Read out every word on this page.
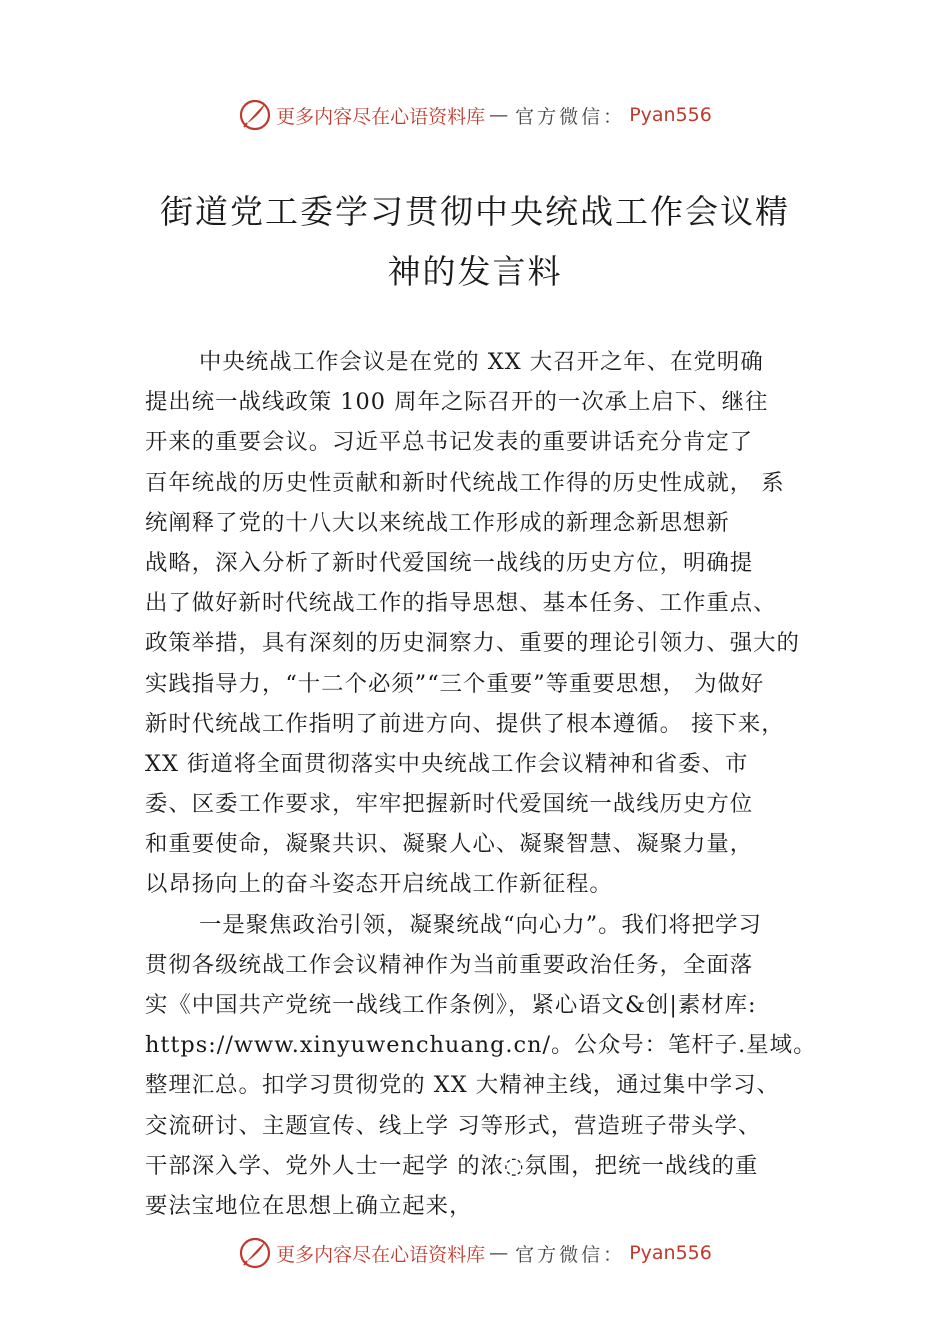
更多内容尽在心语资料库 — 官方微信： Pyan556
街道党工委学习贯彻中央统战工作会议精
神的发言料
中央统战工作会议是在党的 XX 大召开之年、在党明确
提出统一战线政策 100 周年之际召开的一次承上启下、继往
开来的重要会议。习近平总书记发表的重要讲话充分肯定了
百年统战的历史性贡献和新时代统战工作得的历史性成就， 系
统阐释了党的十八大以来统战工作形成的新理念新思想新
战略，深入分析了新时代爱国统一战线的历史方位，明确提
出了做好新时代统战工作的指导思想、基本任务、工作重点、
政策举措，具有深刻的历史洞察力、重要的理论引领力、强大的
实践指导力，“十二个必须”“三个重要”等重要思想， 为做好
新时代统战工作指明了前进方向、提供了根本遵循。 接下来，
XX 街道将全面贯彻落实中央统战工作会议精神和省委、市
委、区委工作要求，牢牢把握新时代爱国统一战线历史方位
和重要使命，凝聚共识、凝聚人心、凝聚智慧、凝聚力量，
以昂扬向上的奋斗姿态开启统战工作新征程。
一是聚焦政治引领，凝聚统战“向心力”。我们将把学习
贯彻各级统战工作会议精神作为当前重要政治任务，全面落
实《中国共产党统一战线工作条例》，紧心语文&创|素材库:
https://www.xinyuwenchuang.cn/。公众号：笔杆子.星域。
整理汇总。扣学习贯彻党的 XX 大精神主线，通过集中学习、
交流研讨、主题宣传、线上学 习等形式，营造班子带头学、
干部深入学、党外人士一起学 的浓◌氛围，把统一战线的重
要法宝地位在思想上确立起来，
更多内容尽在心语资料库 — 官方微信： Pyan556
